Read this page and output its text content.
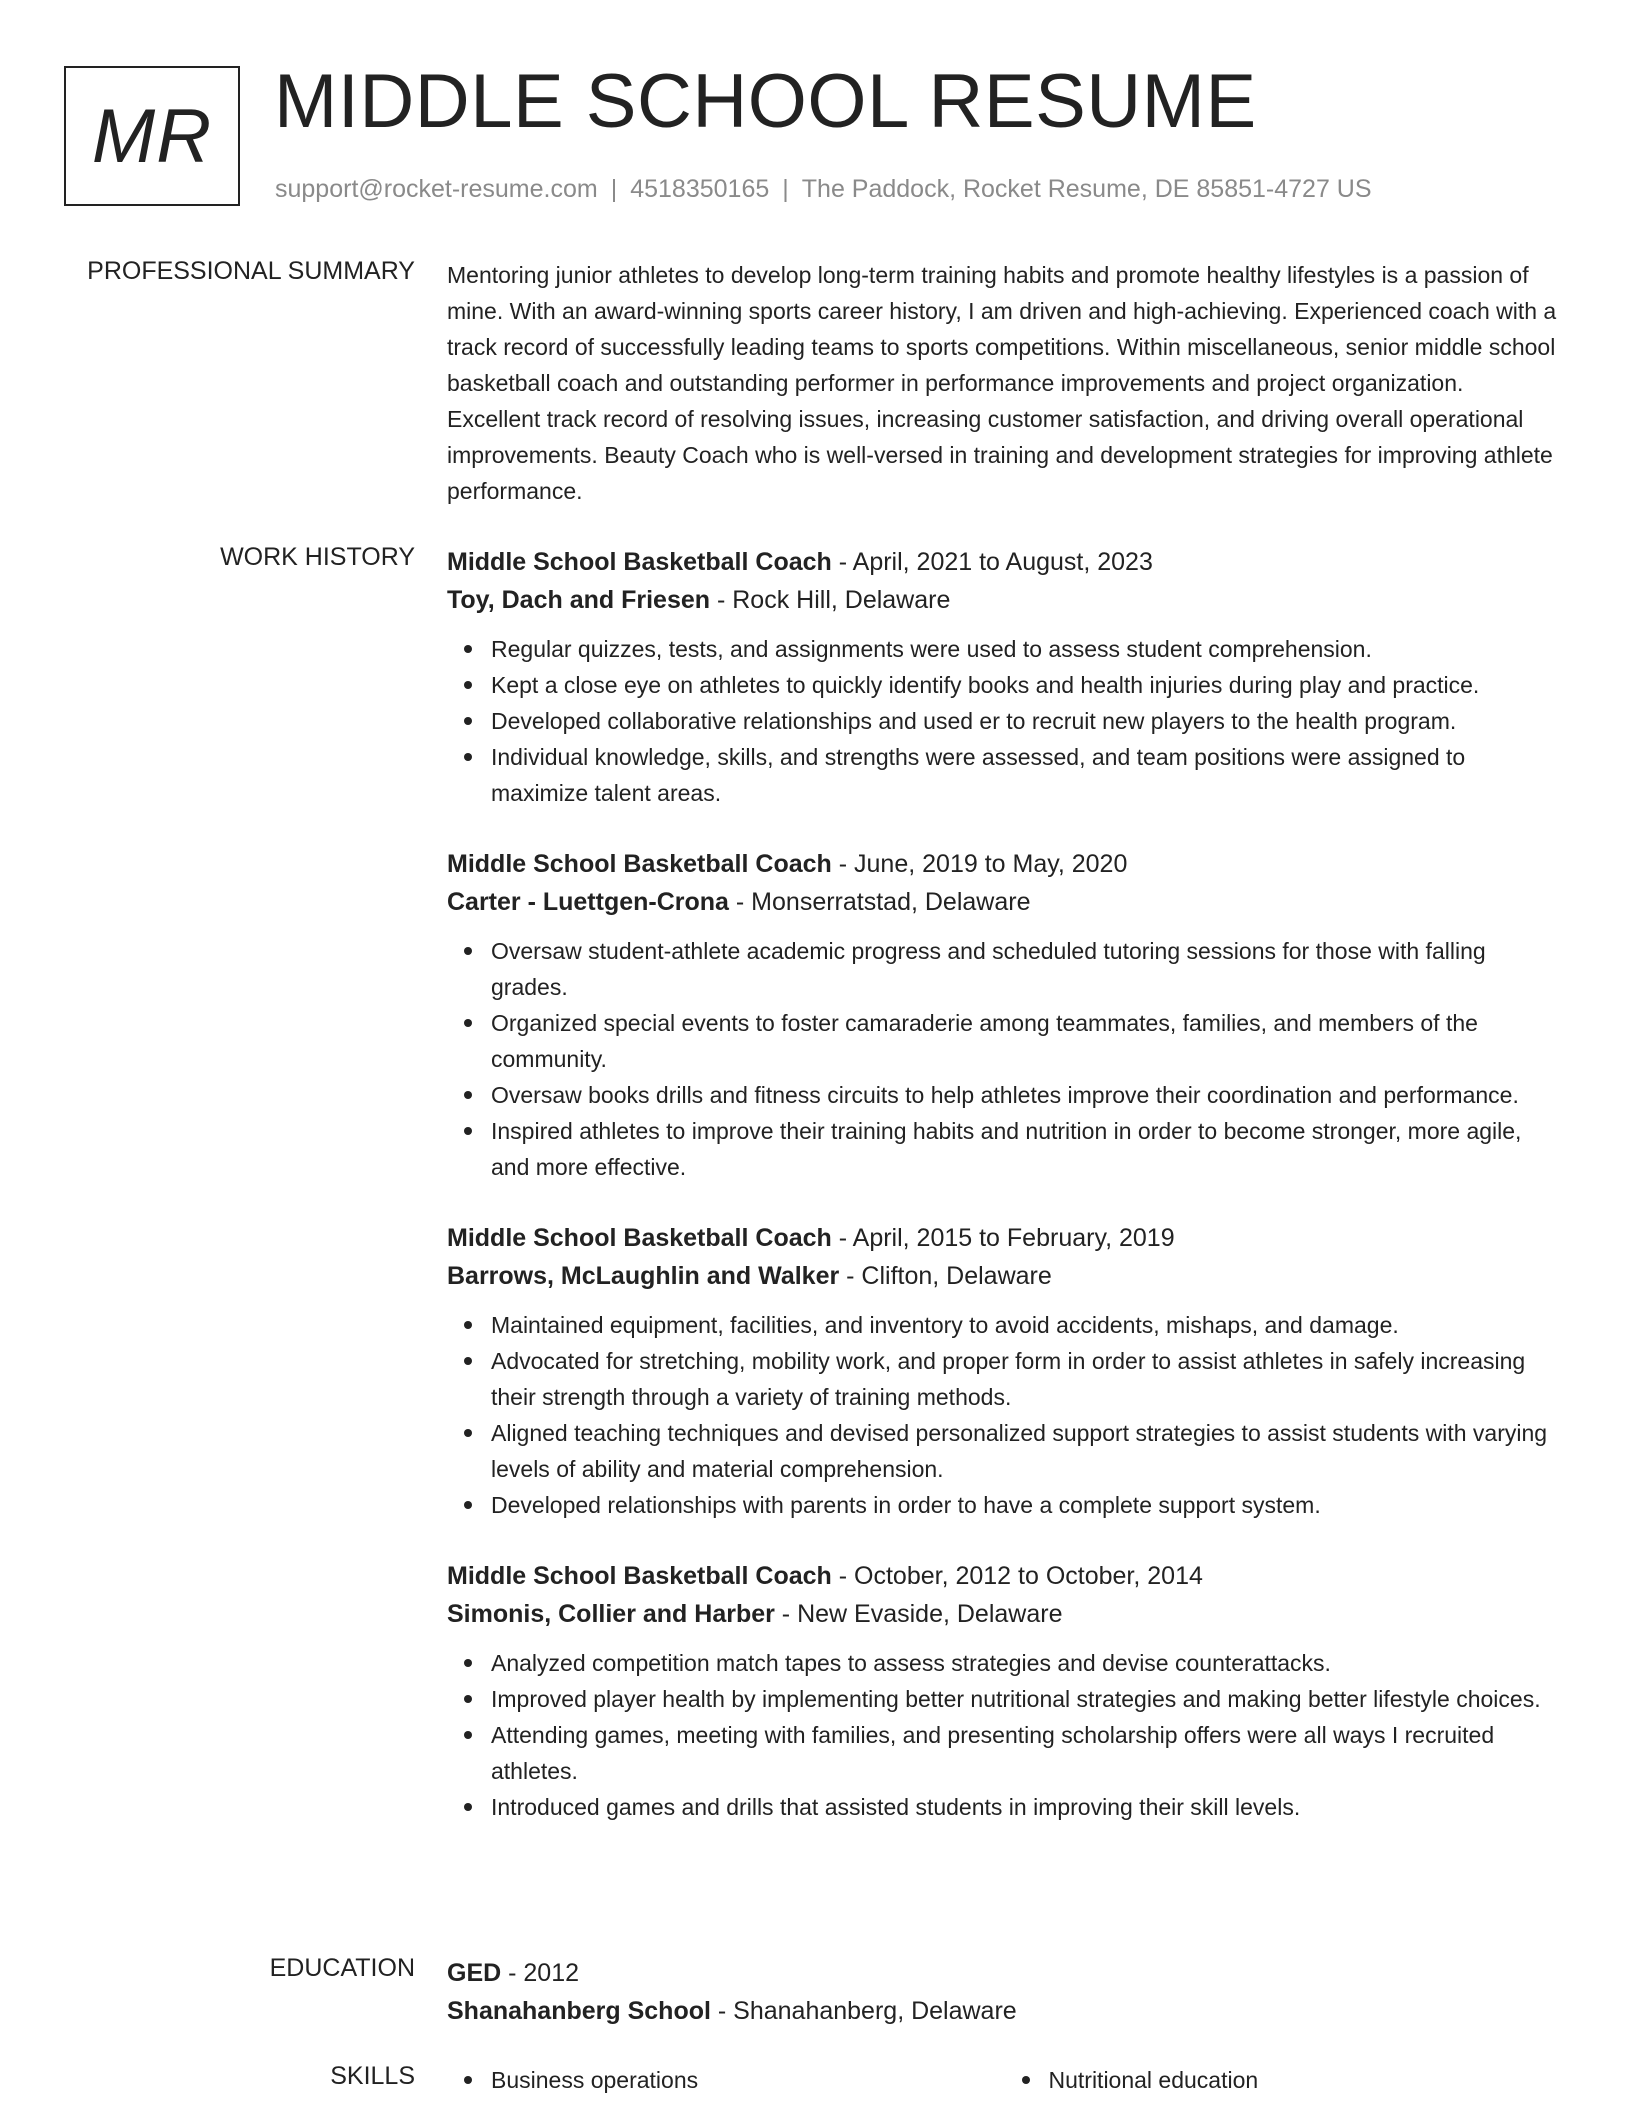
MR MIDDLE SCHOOL RESUME
support@rocket-resume.com | 4518350165 | The Paddock, Rocket Resume, DE 85851-4727 US
PROFESSIONAL SUMMARY Mentoring junior athletes to develop long-term training habits and promote healthy lifestyles is a passion of mine. With an award-winning sports career history, I am driven and high-achieving. Experienced coach with a track record of successfully leading teams to sports competitions. Within miscellaneous, senior middle school basketball coach and outstanding performer in performance improvements and project organization. Excellent track record of resolving issues, increasing customer satisfaction, and driving overall operational improvements. Beauty Coach who is well-versed in training and development strategies for improving athlete performance.

WORK HISTORY Middle School Basketball Coach - April, 2021 to August, 2023
Toy, Dach and Friesen - Rock Hill, Delaware
Regular quizzes, tests, and assignments were used to assess student comprehension.
Kept a close eye on athletes to quickly identify books and health injuries during play and practice.
Developed collaborative relationships and used er to recruit new players to the health program.
Individual knowledge, skills, and strengths were assessed, and team positions were assigned to maximize talent areas.
Middle School Basketball Coach - June, 2019 to May, 2020
Carter - Luettgen-Crona - Monserratstad, Delaware
Oversaw student-athlete academic progress and scheduled tutoring sessions for those with falling grades.
Organized special events to foster camaraderie among teammates, families, and members of the community.
Oversaw books drills and fitness circuits to help athletes improve their coordination and performance.
Inspired athletes to improve their training habits and nutrition in order to become stronger, more agile, and more effective.
Middle School Basketball Coach - April, 2015 to February, 2019
Barrows, McLaughlin and Walker - Clifton, Delaware
Maintained equipment, facilities, and inventory to avoid accidents, mishaps, and damage.
Advocated for stretching, mobility work, and proper form in order to assist athletes in safely increasing their strength through a variety of training methods.
Aligned teaching techniques and devised personalized support strategies to assist students with varying levels of ability and material comprehension.
Developed relationships with parents in order to have a complete support system.
Middle School Basketball Coach - October, 2012 to October, 2014
Simonis, Collier and Harber - New Evaside, Delaware
Analyzed competition match tapes to assess strategies and devise counterattacks.
Improved player health by implementing better nutritional strategies and making better lifestyle choices.
Attending games, meeting with families, and presenting scholarship offers were all ways I recruited athletes.
Introduced games and drills that assisted students in improving their skill levels.
EDUCATION GED - 2012
Shanahanberg School - Shanahanberg, Delaware
SKILLS	Business operations	Nutritional education
